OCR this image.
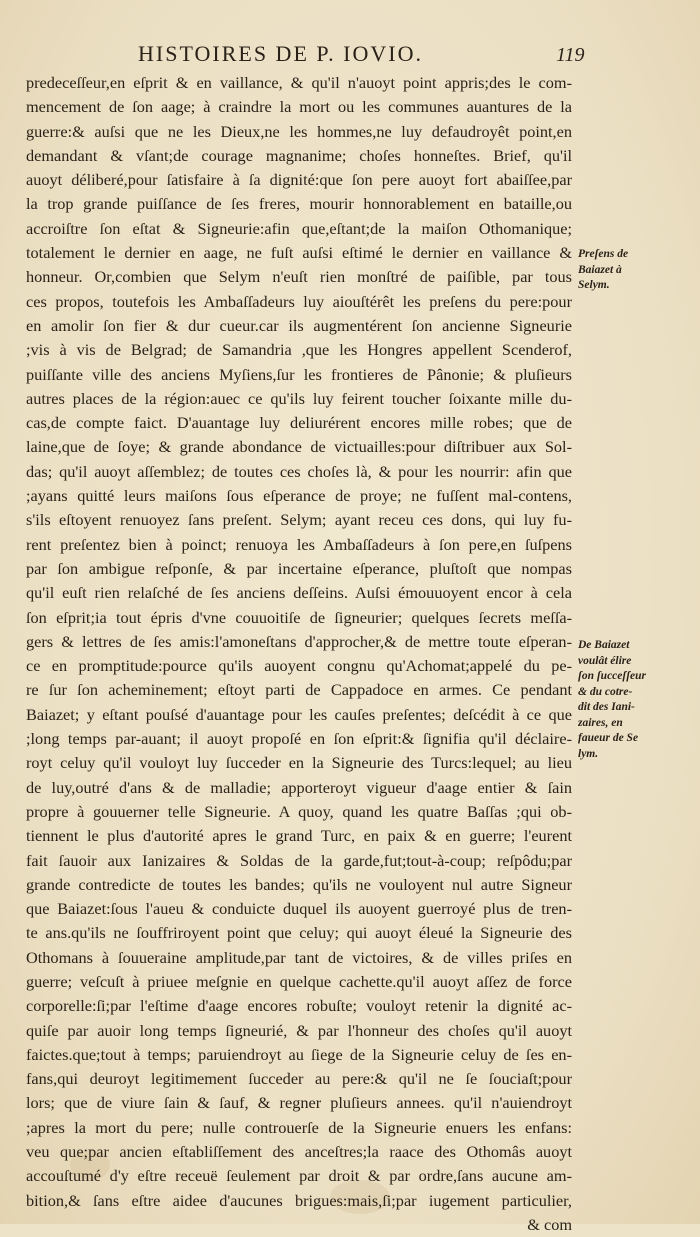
HISTOIRES DE P. IOVIO.	119
predeceſſeur,en eſprit & en vaillance, & qu'il n'auoyt point appris;des le com-
mencement de ſon aage; à craindre la mort ou les communes auantures de la
guerre:& auſsi que ne les Dieux,ne les hommes,ne luy defaudroyêt point,en
demandant & vſant;de courage magnanime; choſes honneſtes. Brief, qu'il
auoyt déliberé,pour ſatisfaire à ſa dignité:que ſon pere auoyt fort abaiſſee,par
la trop grande puiſſance de ſes freres, mourir honnorablement en bataille,ou
accroiſtre ſon eſtat & Signeurie:afin que,eſtant;de la maiſon Othomanique;
totalement le dernier en aage, ne fuſt auſsi eſtimé le dernier en vaillance &
honneur. Or,combien que Selym n'euſt rien monſtré de paiſible, par tous
ces propos, toutefois les Ambaſſadeurs luy aiouſtérêt les preſens du pere:pour
en amolir ſon fier & dur cueur.car ils augmentérent ſon ancienne Signeurie
;vis à vis de Belgrad; de Samandria ,que les Hongres appellent Scenderof,
puiſſante ville des anciens Myſiens,ſur les frontieres de Pânonie; & pluſieurs
autres places de la région:auec ce qu'ils luy feirent toucher ſoixante mille du-
cas,de compte faict. D'auantage luy deliurérent encores mille robes; que de
laine,que de ſoye; & grande abondance de victuailles:pour diſtribuer aux Sol-
das; qu'il auoyt aſſemblez; de toutes ces choſes là, & pour les nourrir: afin que
;ayans quitté leurs maiſons ſous eſperance de proye; ne fuſſent mal-contens,
s'ils eſtoyent renuoyez ſans preſent. Selym; ayant receu ces dons, qui luy fu-
rent preſentez bien à poinct; renuoya les Ambaſſadeurs à ſon pere,en ſuſpens
par ſon ambigue reſponſe, & par incertaine eſperance, pluſtoſt que nompas
qu'il euſt rien relaſché de ſes anciens deſſeins. Auſsi émouuoyent encor à cela
ſon eſprit;ia tout épris d'vne couuoitiſe de ſigneurier; quelques ſecrets meſſa-
gers & lettres de ſes amis:l'amoneſtans d'approcher,& de mettre toute eſperan-
ce en promptitude:pource qu'ils auoyent congnu qu'Achomat;appelé du pe-
re ſur ſon acheminement; eſtoyt parti de Cappadoce en armes. Ce pendant
Baiazet; y eſtant pouſsé d'auantage pour les cauſes preſentes; deſcédit à ce que
;long temps par-auant; il auoyt propoſé en ſon eſprit:& ſignifia qu'il déclaire-
royt celuy qu'il vouloyt luy ſucceder en la Signeurie des Turcs:lequel; au lieu
de luy,outré d'ans & de malladie; apporteroyt vigueur d'aage entier & ſain
propre à gouuerner telle Signeurie. A quoy, quand les quatre Baſſas ;qui ob-
tiennent le plus d'autorité apres le grand Turc, en paix & en guerre; l'eurent
fait ſauoir aux Ianizaires & Soldas de la garde,fut;tout-à-coup; reſpôdu;par
grande contredicte de toutes les bandes; qu'ils ne vouloyent nul autre Signeur
que Baiazet:ſous l'aueu & conduicte duquel ils auoyent guerroyé plus de tren-
te ans.qu'ils ne ſouffriroyent point que celuy; qui auoyt éleué la Signeurie des
Othomans à ſouueraine amplitude,par tant de victoires, & de villes priſes en
guerre; veſcuſt à priuee meſgnie en quelque cachette.qu'il auoyt aſſez de force
corporelle:ſi;par l'eſtime d'aage encores robuſte; vouloyt retenir la dignité ac-
quiſe par auoir long temps ſigneurié, & par l'honneur des choſes qu'il auoyt
faictes.que;tout à temps; paruiendroyt au ſiege de la Signeurie celuy de ſes en-
fans,qui deuroyt legitimement ſucceder au pere:& qu'il ne ſe ſouciaſt;pour
lors; que de viure ſain & ſauf, & regner pluſieurs annees. qu'il n'auiendroyt
;apres la mort du pere; nulle controuerſe de la Signeurie enuers les enfans:
veu que;par ancien eſtabliſſement des anceſtres;la raace des Othomâs auoyt
accouſtumé d'y eſtre receuë ſeulement par droit & par ordre,ſans aucune am-
bition,& ſans eſtre aidee d'aucunes brigues:mais,ſi;par iugement particulier,
& com
Preſens de
Baiazet à
Selym.
De Baiazet
voulât élire
ſon ſucceſſeur
& du cotre-
dit des Iani-
zaires, en
faueur de Se
lym.
